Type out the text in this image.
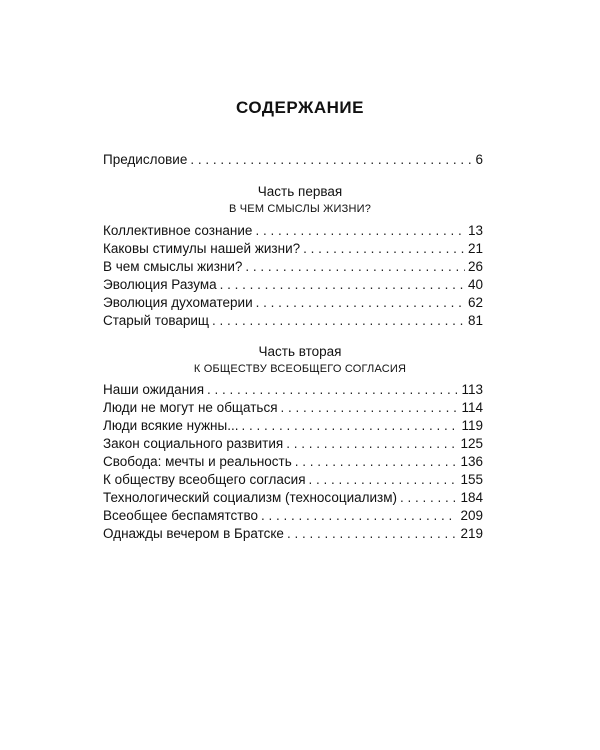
СОДЕРЖАНИЕ
Предисловие . . .	6
Часть первая
В ЧЕМ СМЫСЛЫ ЖИЗНИ?
Коллективное сознание . . .	13
Каковы стимулы нашей жизни? . . .	21
В чем смыслы жизни? . . .	26
Эволюция Разума . . .	40
Эволюция духоматерии . . .	62
Старый товарищ . . .	81
Часть вторая
К ОБЩЕСТВУ ВСЕОБЩЕГО СОГЛАСИЯ
Наши ожидания . . .	113
Люди не могут не общаться . . .	114
Люди всякие нужны... . . .	119
Закон социального развития . . .	125
Свобода: мечты и реальность . . .	136
К обществу всеобщего согласия . . .	155
Технологический социализм (техносоциализм) . . .	184
Всеобщее беспамятство . . .	209
Однажды вечером в Братске . . .	219
